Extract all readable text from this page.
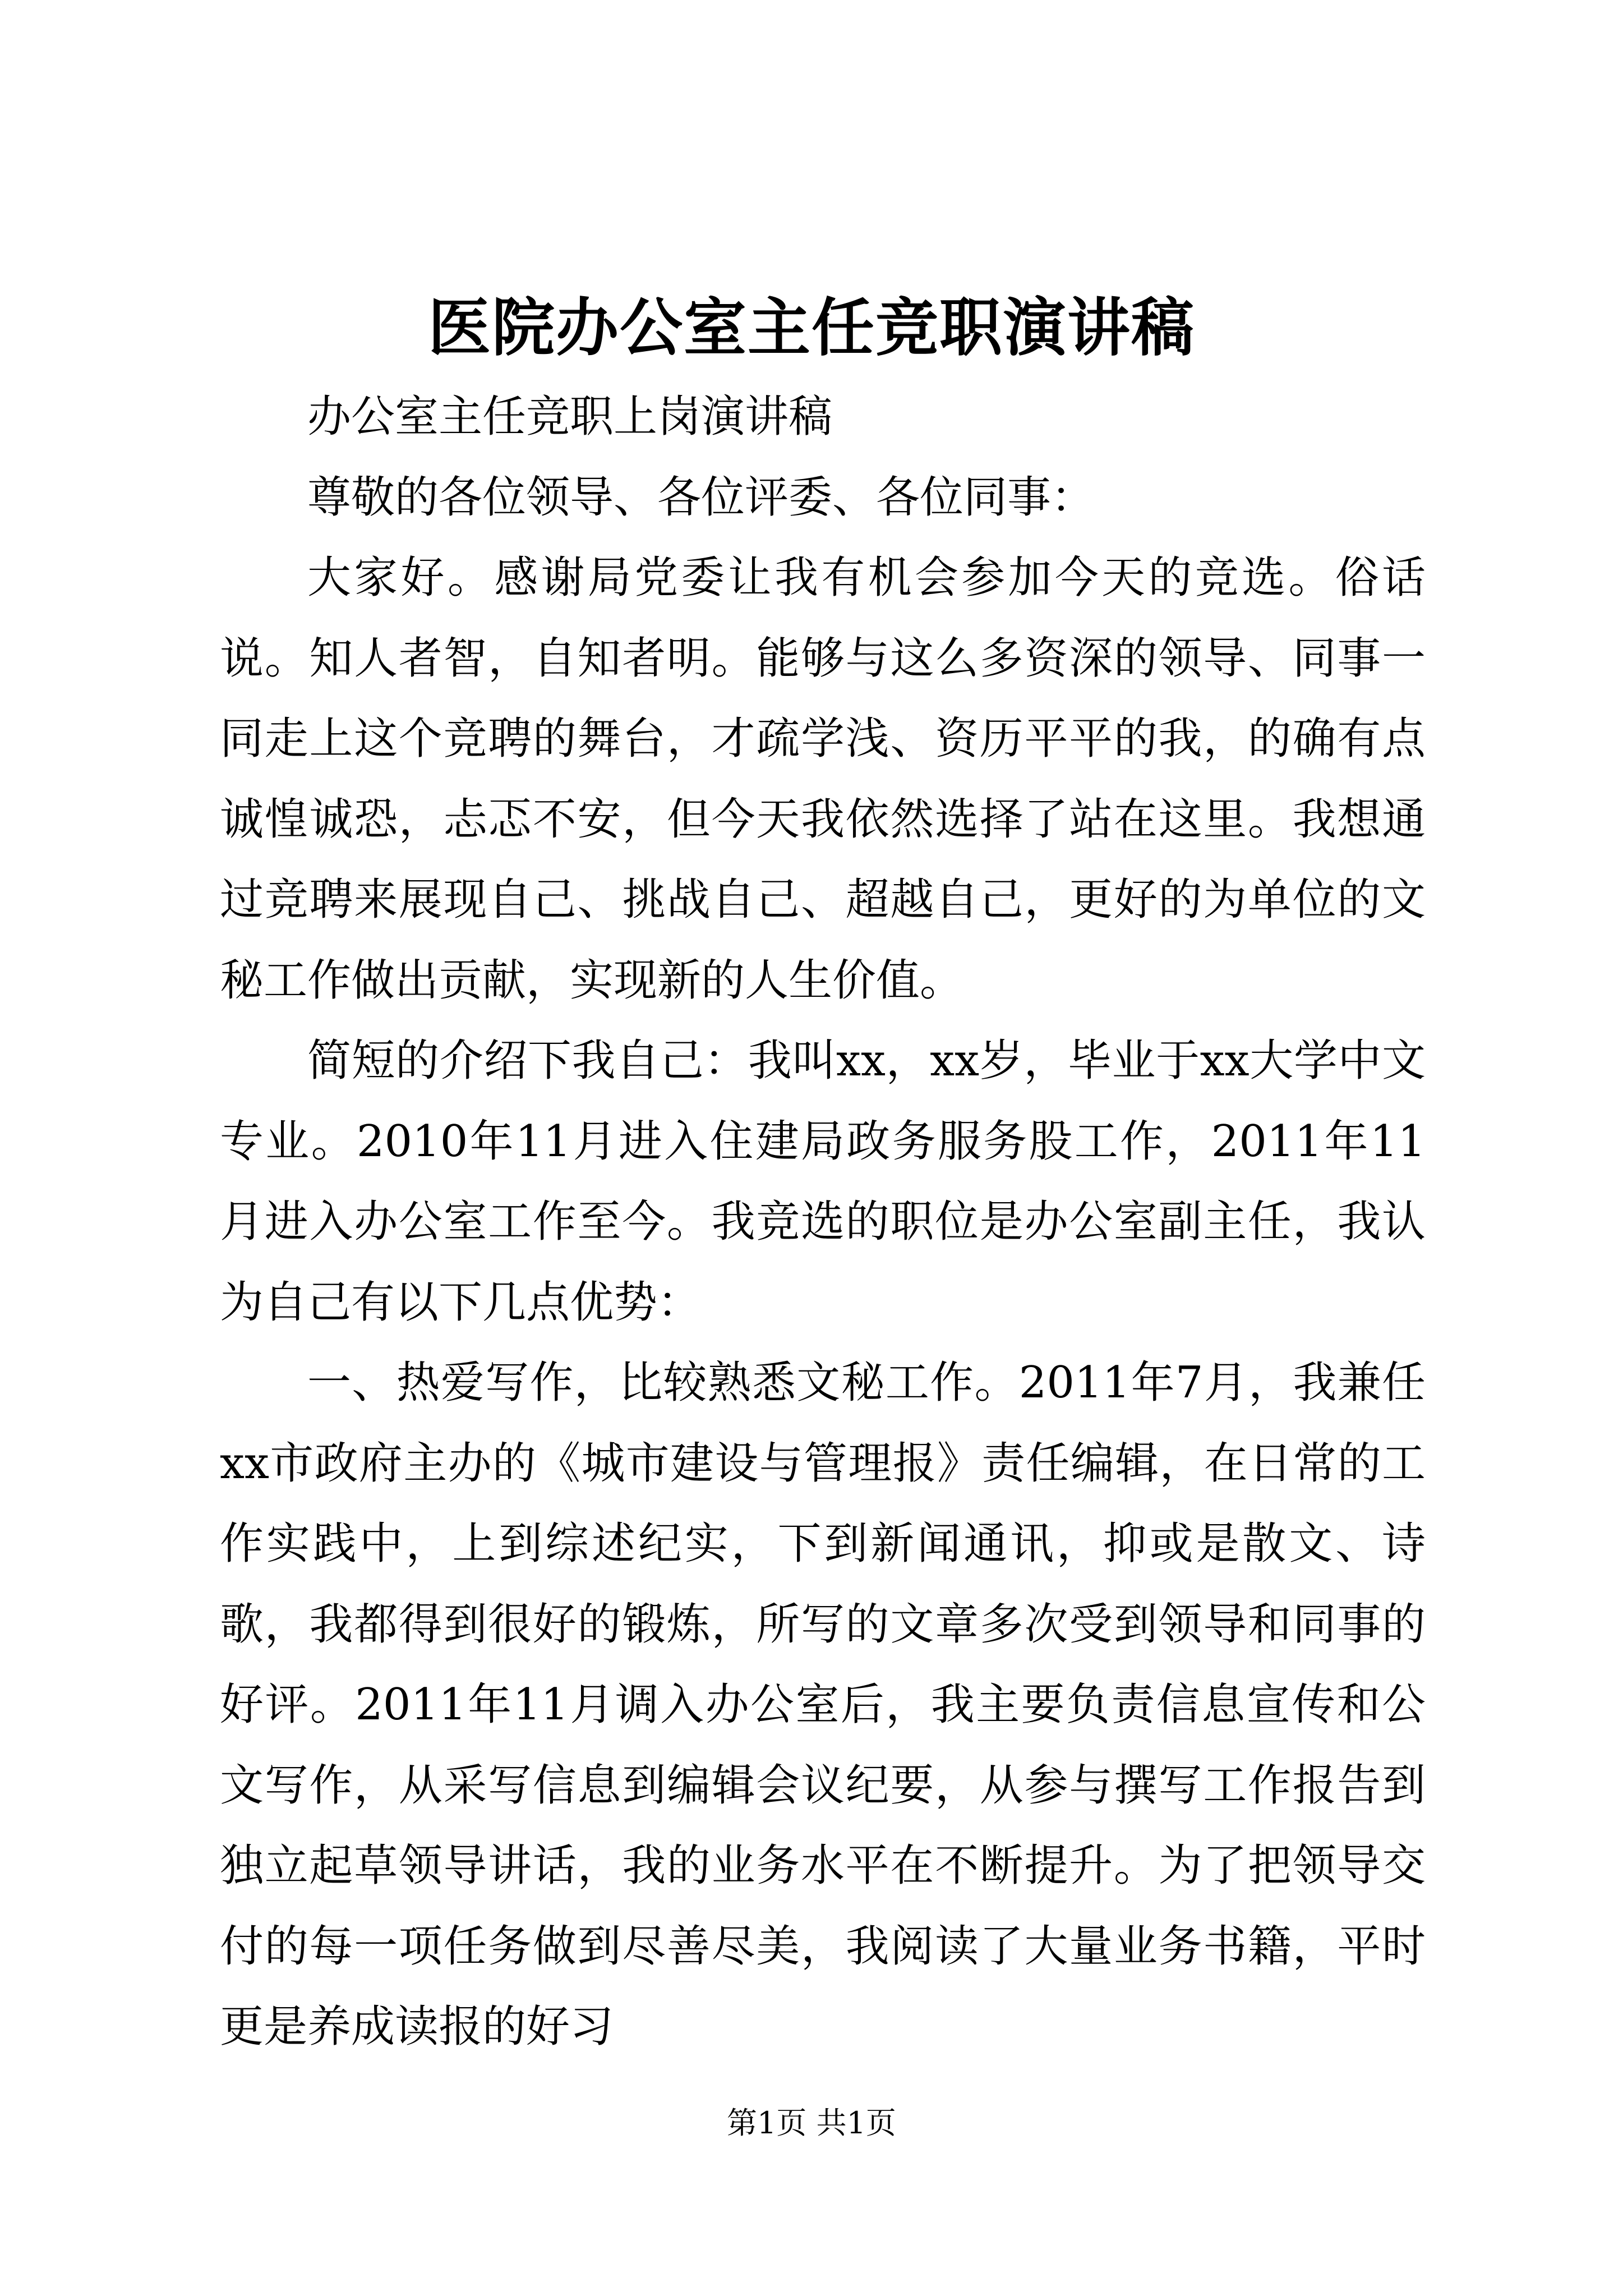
医院办公室主任竞职演讲稿

办公室主任竞职上岗演讲稿

尊敬的各位领导、各位评委、各位同事：

大家好。感谢局党委让我有机会参加今天的竞选。俗话说。知人者智，自知者明。能够与这么多资深的领导、同事一同走上这个竞聘的舞台，才疏学浅、资历平平的我，的确有点诚惶诚恐，忐忑不安，但今天我依然选择了站在这里。我想通过竞聘来展现自己、挑战自己、超越自己，更好的为单位的文秘工作做出贡献，实现新的人生价值。

简短的介绍下我自己：我叫xx，xx岁，毕业于xx大学中文专业。2010年11月进入住建局政务服务股工作，2011年11月进入办公室工作至今。我竞选的职位是办公室副主任，我认为自己有以下几点优势：

一、热爱写作，比较熟悉文秘工作。2011年7月，我兼任xx市政府主办的《城市建设与管理报》责任编辑，在日常的工作实践中，上到综述纪实，下到新闻通讯，抑或是散文、诗歌，我都得到很好的锻炼，所写的文章多次受到领导和同事的好评。2011年11月调入办公室后，我主要负责信息宣传和公文写作，从采写信息到编辑会议纪要，从参与撰写工作报告到独立起草领导讲话，我的业务水平在不断提升。为了把领导交付的每一项任务做到尽善尽美，我阅读了大量业务书籍，平时更是养成读报的好习

第1页 共1页
